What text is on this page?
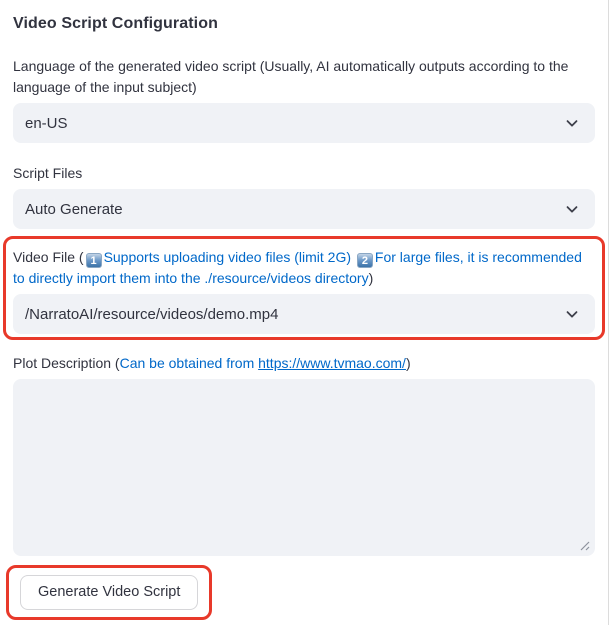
Video Script Configuration
Language of the generated video script (Usually, AI automatically outputs according to the language of the input subject)
en-US
Script Files
Auto Generate
Video File ( 1 Supports uploading video files (limit 2G) 2 For large files, it is recommended to directly import them into the ./resource/videos directory)
/NarratoAI/resource/videos/demo.mp4
Plot Description (Can be obtained from https://www.tvmao.com/)
Generate Video Script
